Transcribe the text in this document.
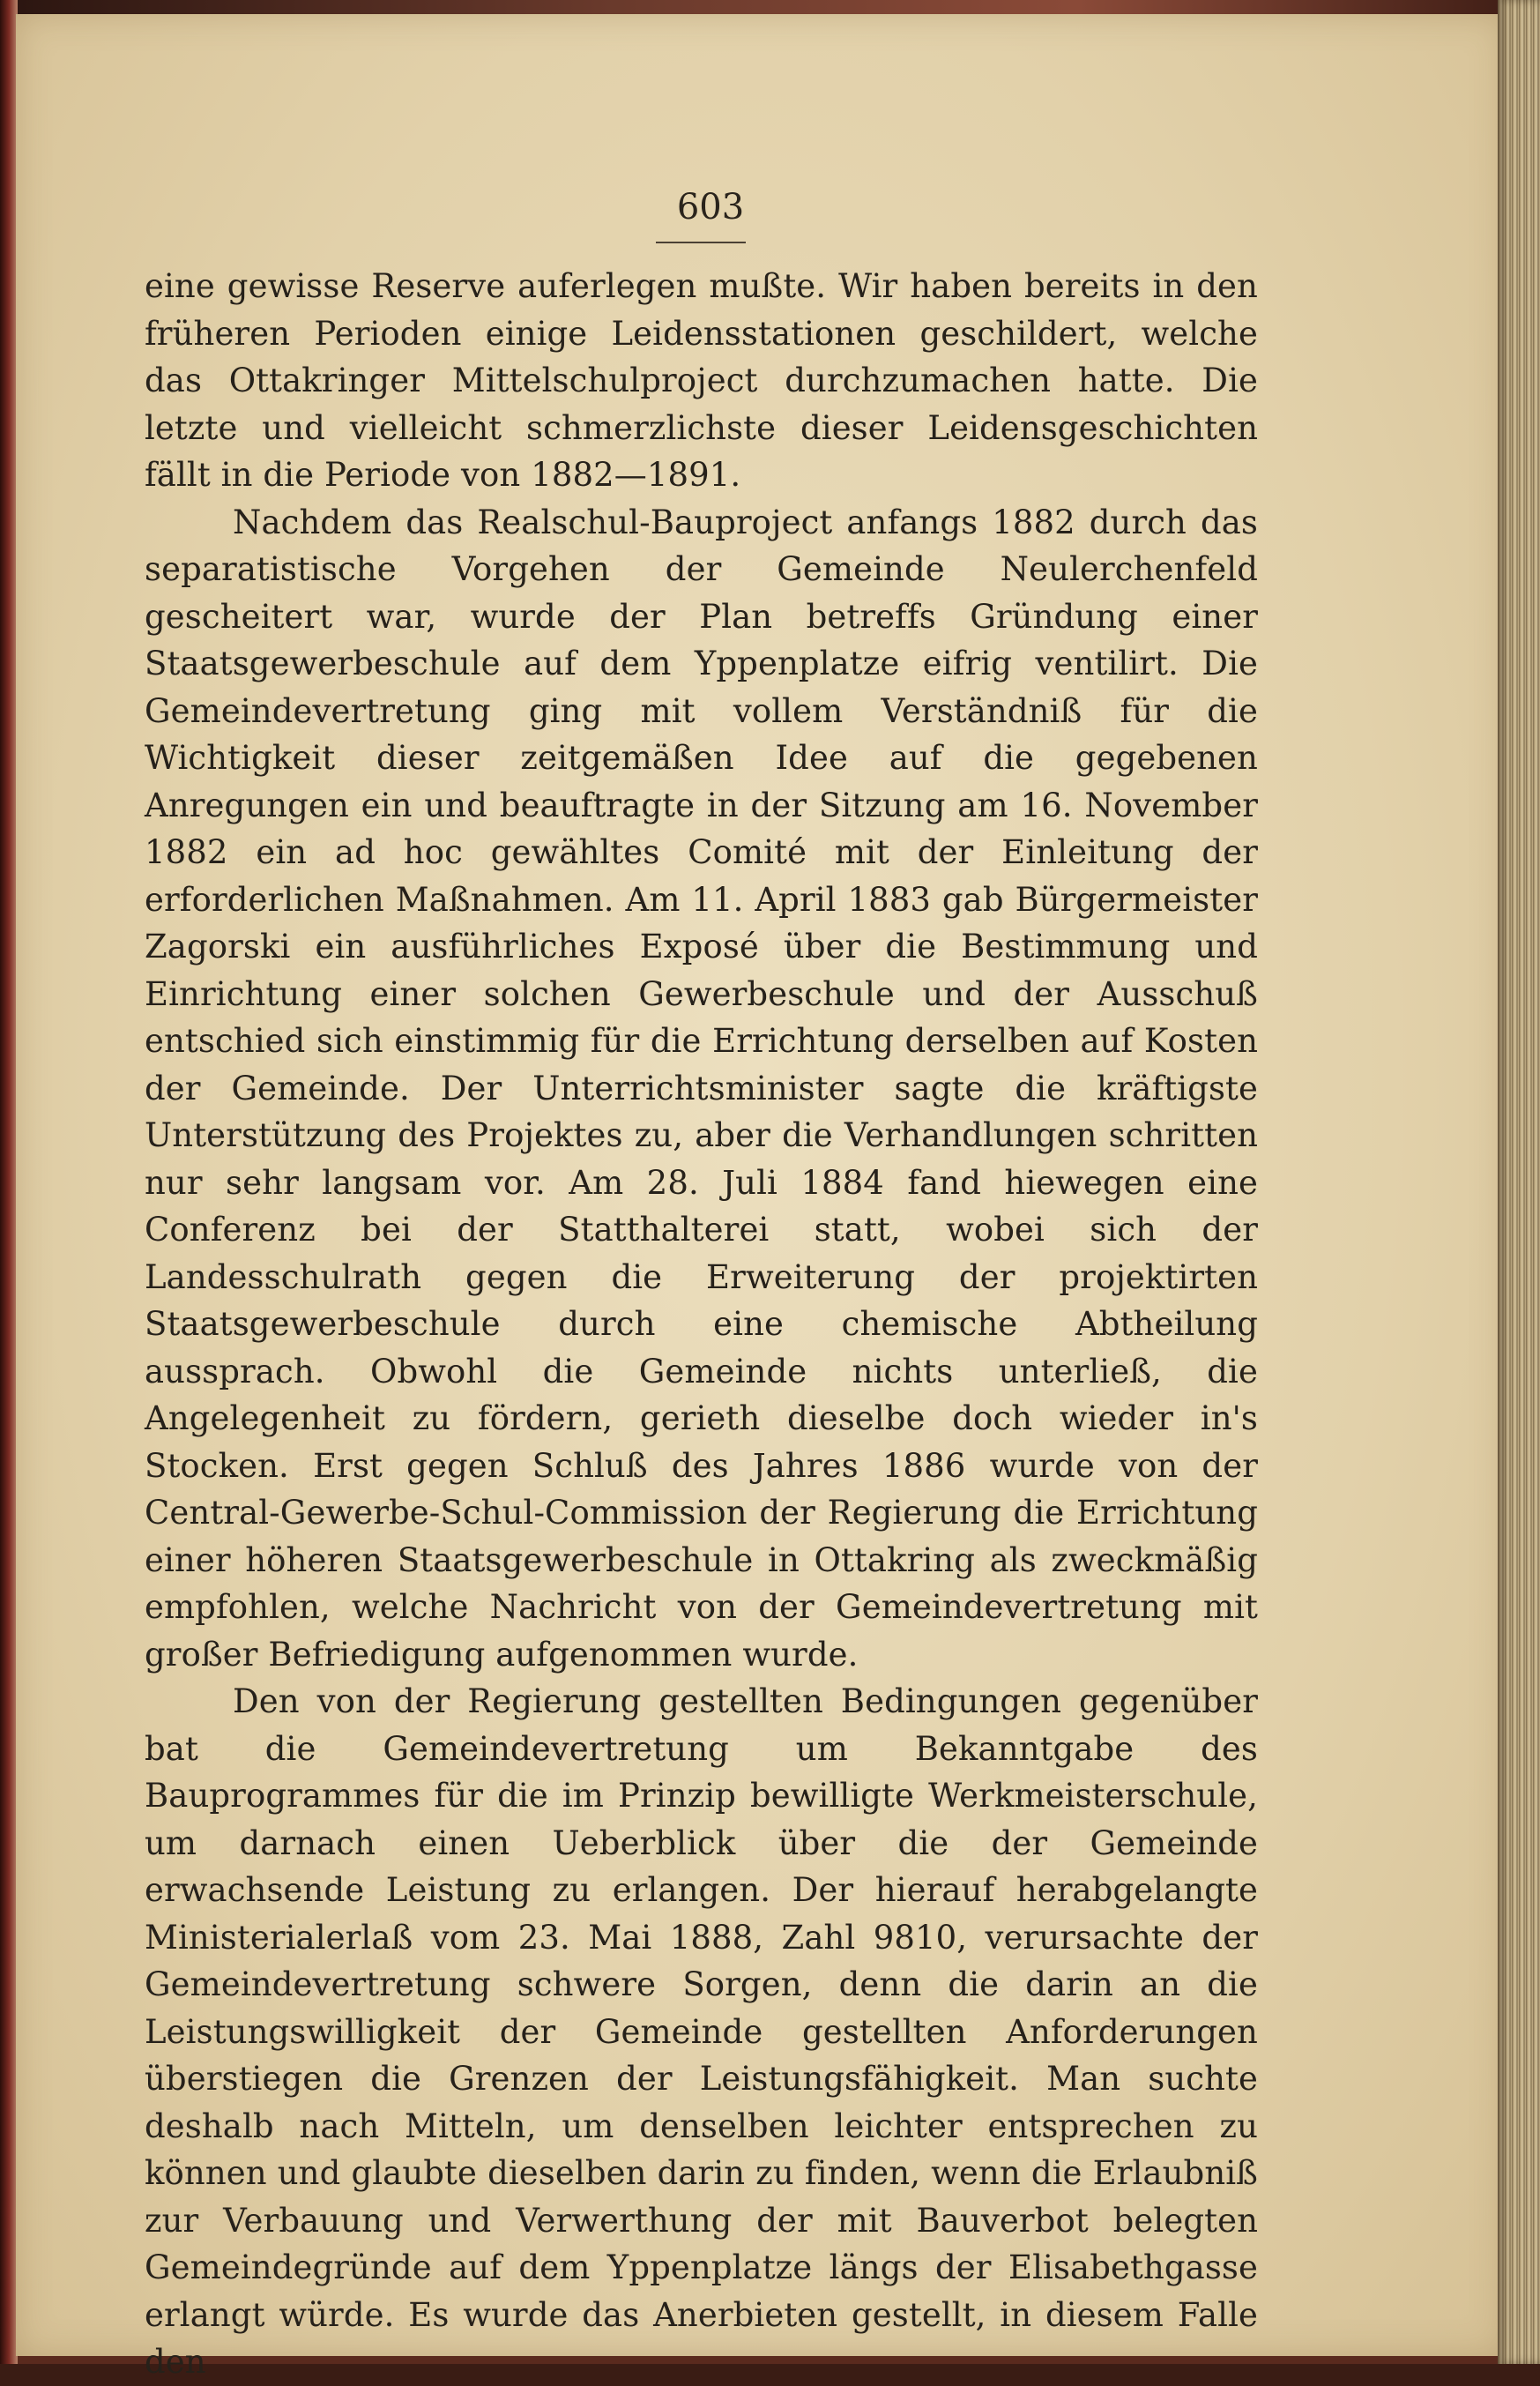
603

eine gewisse Reserve auferlegen mußte. Wir haben bereits in den früheren Perioden einige Leidensstationen geschildert, welche das Ottakringer Mittelschulproject durchzumachen hatte. Die letzte und vielleicht schmerzlichste dieser Leidensgeschichten fällt in die Periode von 1882—1891.

Nachdem das Realschul-Bauproject anfangs 1882 durch das separatistische Vorgehen der Gemeinde Neulerchenfeld gescheitert war, wurde der Plan betreffs Gründung einer Staatsgewerbeschule auf dem Yppenplatze eifrig ventilirt. Die Gemeindevertretung ging mit vollem Verständniß für die Wichtigkeit dieser zeitgemäßen Idee auf die gegebenen Anregungen ein und beauftragte in der Sitzung am 16. November 1882 ein ad hoc gewähltes Comité mit der Einleitung der erforderlichen Maßnahmen. Am 11. April 1883 gab Bürgermeister Zagorski ein ausführliches Exposé über die Bestimmung und Einrichtung einer solchen Gewerbeschule und der Ausschuß entschied sich einstimmig für die Errichtung derselben auf Kosten der Gemeinde. Der Unterrichtsminister sagte die kräftigste Unterstützung des Projektes zu, aber die Verhandlungen schritten nur sehr langsam vor. Am 28. Juli 1884 fand hiewegen eine Conferenz bei der Statthalterei statt, wobei sich der Landesschulrath gegen die Erweiterung der projektirten Staatsgewerbeschule durch eine chemische Abtheilung aussprach. Obwohl die Gemeinde nichts unterließ, die Angelegenheit zu fördern, gerieth dieselbe doch wieder in's Stocken. Erst gegen Schluß des Jahres 1886 wurde von der Central-Gewerbe-Schul-Commission der Regierung die Errichtung einer höheren Staatsgewerbeschule in Ottakring als zweckmäßig empfohlen, welche Nachricht von der Gemeindevertretung mit großer Befriedigung aufgenommen wurde.

Den von der Regierung gestellten Bedingungen gegenüber bat die Gemeindevertretung um Bekanntgabe des Bauprogrammes für die im Prinzip bewilligte Werkmeisterschule, um darnach einen Ueberblick über die der Gemeinde erwachsende Leistung zu erlangen. Der hierauf herabgelangte Ministerialerlaß vom 23. Mai 1888, Zahl 9810, verursachte der Gemeindevertretung schwere Sorgen, denn die darin an die Leistungswilligkeit der Gemeinde gestellten Anforderungen überstiegen die Grenzen der Leistungsfähigkeit. Man suchte deshalb nach Mitteln, um denselben leichter entsprechen zu können und glaubte dieselben darin zu finden, wenn die Erlaubniß zur Verbauung und Verwerthung der mit Bauverbot belegten Gemeindegründe auf dem Yppenplatze längs der Elisabethgasse erlangt würde. Es wurde das Anerbieten gestellt, in diesem Falle den
